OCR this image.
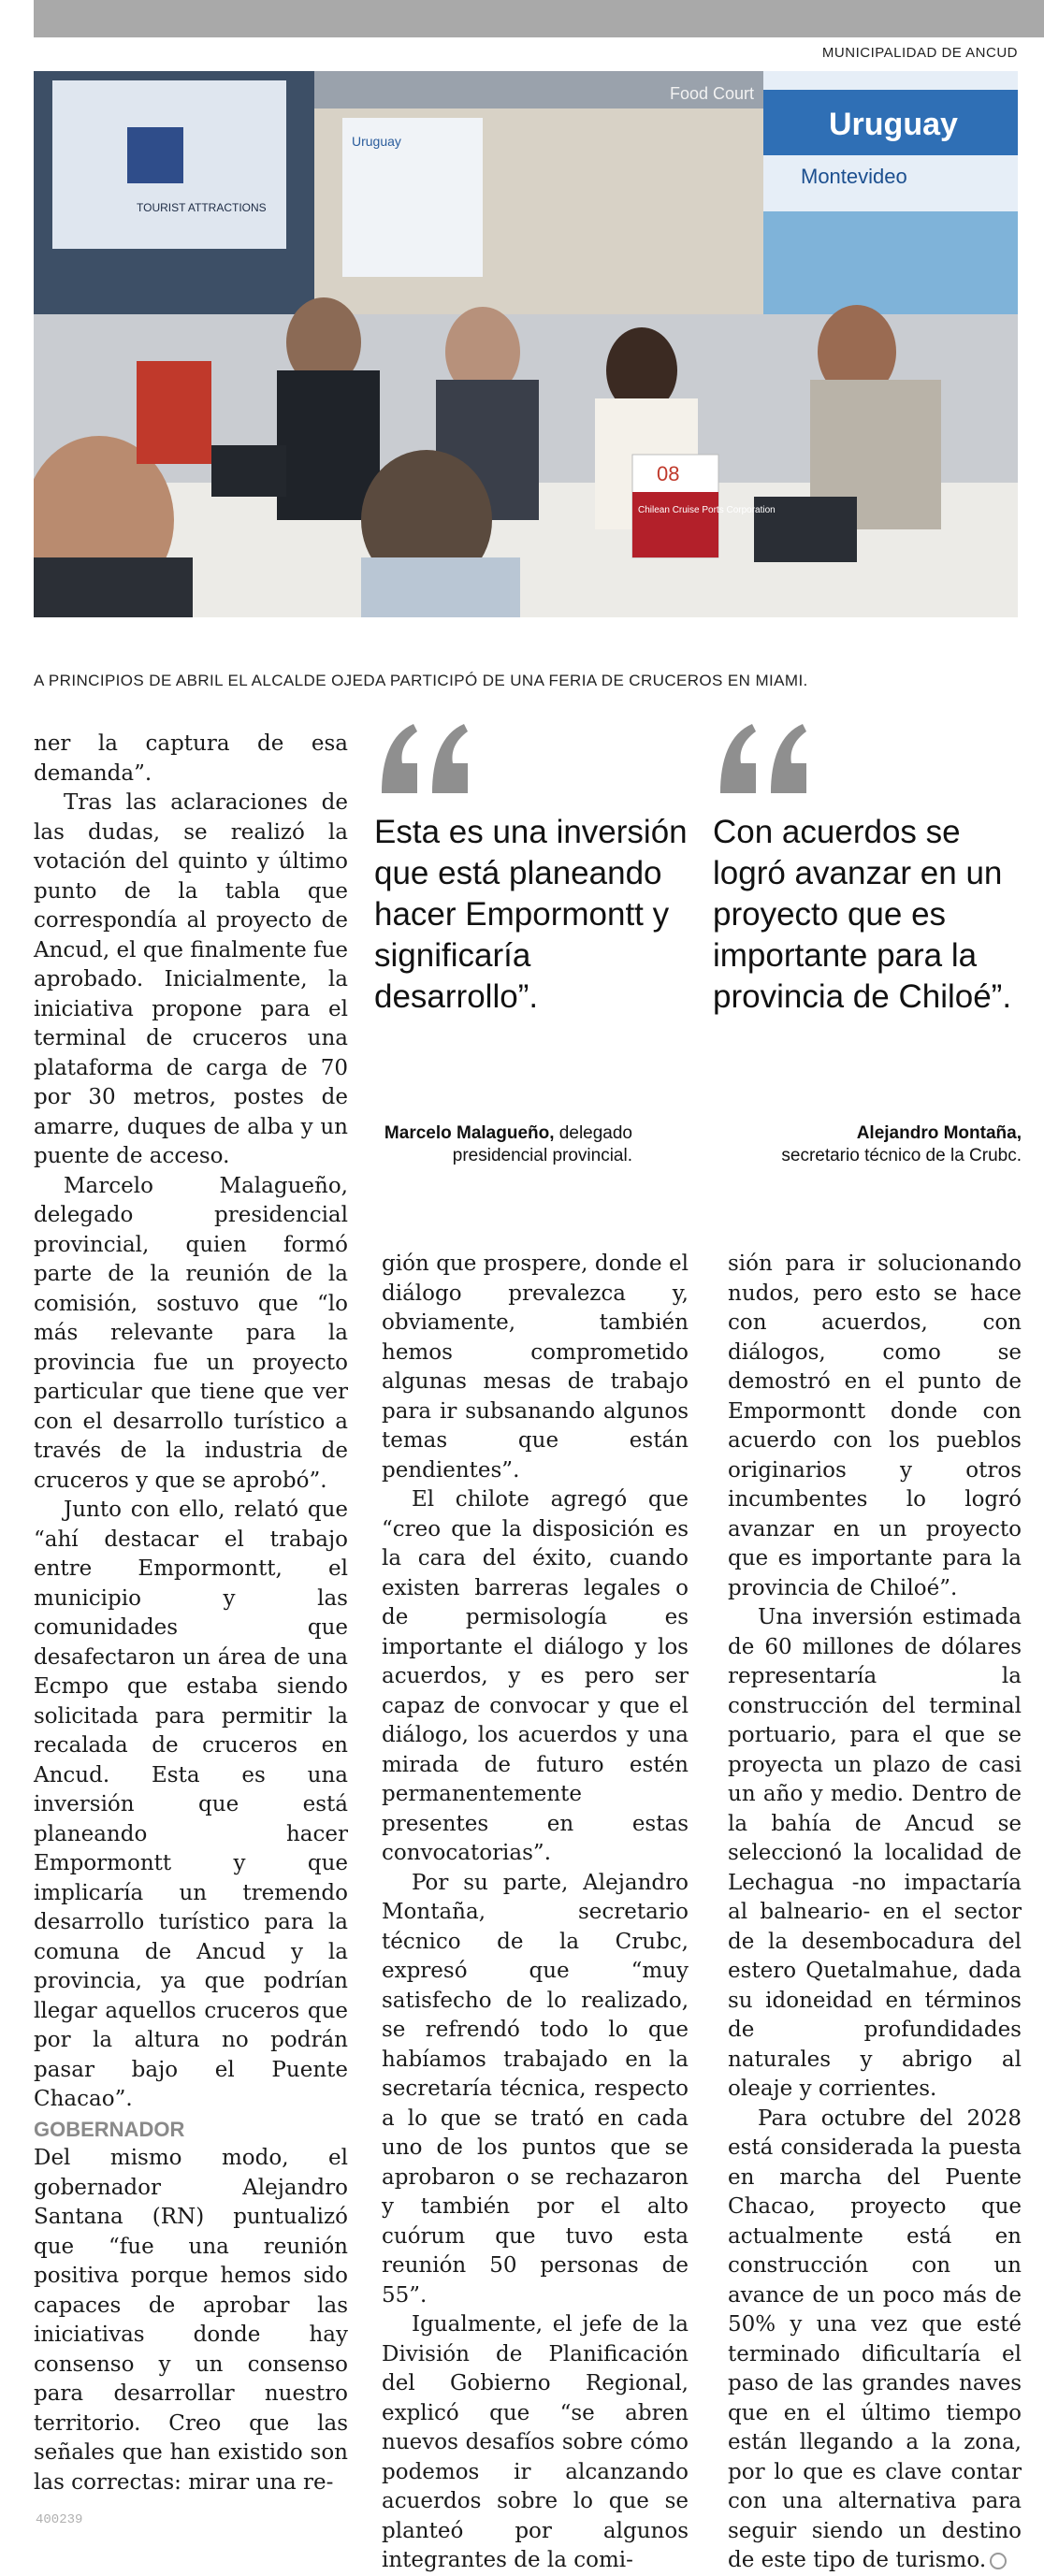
MUNICIPALIDAD DE ANCUD
TOURIST ATTRACTIONS
Uruguay
Montevideo
Food Court
Uruguay
08
Chilean Cruise Ports Corporation
A PRINCIPIOS DE ABRIL EL ALCALDE OJEDA PARTICIPÓ DE UNA FERIA DE CRUCEROS EN MIAMI.
Esta es una inversión que está planeando hacer Empormontt y significaría desarrollo”.
Marcelo Malagueño, delegado presidencial provincial.
Con acuerdos se logró avanzar en un proyecto que es importante para la provincia de Chiloé”.
Alejandro Montaña,
secretario técnico de la Crubc.

ner la captura de esa demanda”.

Tras las aclaraciones de las dudas, se realizó la votación del quinto y último punto de la tabla que correspondía al proyecto de Ancud, el que finalmente fue aprobado. Inicialmente, la iniciativa propone para el terminal de cruceros una plataforma de carga de 70 por 30 metros, postes de amarre, duques de alba y un puente de acceso.

Marcelo Malagueño, delegado presidencial provincial, quien formó parte de la reunión de la comisión, sostuvo que “lo más relevante para la provincia fue un proyecto particular que tiene que ver con el desarrollo turístico a través de la industria de cruceros y que se aprobó”.

Junto con ello, relató que “ahí destacar el trabajo entre Empormontt, el municipio y las comunidades que desafectaron un área de una Ecmpo que estaba siendo solicitada para permitir la recalada de cruceros en Ancud. Esta es una inversión que está planeando hacer Empormontt y que implicaría un tremendo desarrollo turístico para la comuna de Ancud y la provincia, ya que podrían llegar aquellos cruceros que por la altura no podrán pasar bajo el Puente Chacao”.

GOBERNADOR

Del mismo modo, el gobernador Alejandro Santana (RN) puntualizó que “fue una reunión positiva porque hemos sido capaces de aprobar las iniciativas donde hay consenso y un consenso para desarrollar nuestro territorio. Creo que las señales que han existido son las correctas: mirar una re-

gión que prospere, donde el diálogo prevalezca y, obviamente, también hemos comprometido algunas mesas de trabajo para ir subsanando algunos temas que están pendientes”.

El chilote agregó que “creo que la disposición es la cara del éxito, cuando existen barreras legales o de permisología es importante el diálogo y los acuerdos, y es pero ser capaz de convocar y que el diálogo, los acuerdos y una mirada de futuro estén permanentemente presentes en estas convocatorias”.

Por su parte, Alejandro Montaña, secretario técnico de la Crubc, expresó que “muy satisfecho de lo realizado, se refrendó todo lo que habíamos trabajado en la secretaría técnica, respecto a lo que se trató en cada uno de los puntos que se aprobaron o se rechazaron y también por el alto cuórum que tuvo esta reunión 50 personas de 55”.

Igualmente, el jefe de la División de Planificación del Gobierno Regional, explicó que “se abren nuevos desafíos sobre cómo podemos ir alcanzando acuerdos sobre lo que se planteó por algunos integrantes de la comi-

sión para ir solucionando nudos, pero esto se hace con acuerdos, con diálogos, como se demostró en el punto de Empormontt donde con acuerdo con los pueblos originarios y otros incumbentes lo logró avanzar en un proyecto que es importante para la provincia de Chiloé”.

Una inversión estimada de 60 millones de dólares representaría la construcción del terminal portuario, para el que se proyecta un plazo de casi un año y medio. Dentro de la bahía de Ancud se seleccionó la localidad de Lechagua -no impactaría al balneario- en el sector de la desembocadura del estero Quetalmahue, dada su idoneidad en términos de profundidades naturales y abrigo al oleaje y corrientes.

Para octubre del 2028 está considerada la puesta en marcha del Puente Chacao, proyecto que actualmente está en construcción con un avance de un poco más de 50% y una vez que esté terminado dificultaría el paso de las grandes naves que en el último tiempo están llegando a la zona, por lo que es clave contar con una alternativa para seguir siendo un destino de este tipo de turismo.

400239
